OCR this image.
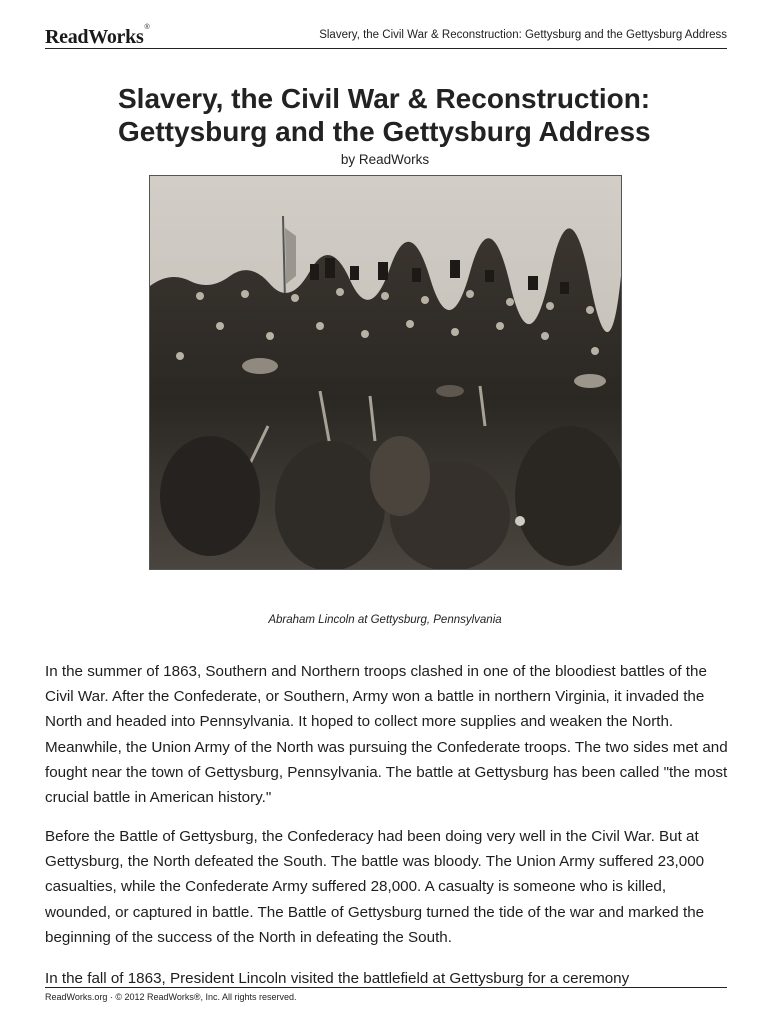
ReadWorks®
Slavery, the Civil War & Reconstruction: Gettysburg and the Gettysburg Address
Slavery, the Civil War & Reconstruction:
Gettysburg and the Gettysburg Address
by ReadWorks
Abraham Lincoln at Gettysburg, Pennsylvania

In the summer of 1863, Southern and Northern troops clashed in one of the bloodiest battles of the Civil War. After the Confederate, or Southern, Army won a battle in northern Virginia, it invaded the North and headed into Pennsylvania. It hoped to collect more supplies and weaken the North. Meanwhile, the Union Army of the North was pursuing the Confederate troops. The two sides met and fought near the town of Gettysburg, Pennsylvania. The battle at Gettysburg has been called "the most crucial battle in American history."

Before the Battle of Gettysburg, the Confederacy had been doing very well in the Civil War. But at Gettysburg, the North defeated the South. The battle was bloody. The Union Army suffered 23,000 casualties, while the Confederate Army suffered 28,000. A casualty is someone who is killed, wounded, or captured in battle. The Battle of Gettysburg turned the tide of the war and marked the beginning of the success of the North in defeating the South.

In the fall of 1863, President Lincoln visited the battlefield at Gettysburg for a ceremony

ReadWorks.org · © 2012 ReadWorks®, Inc. All rights reserved.
